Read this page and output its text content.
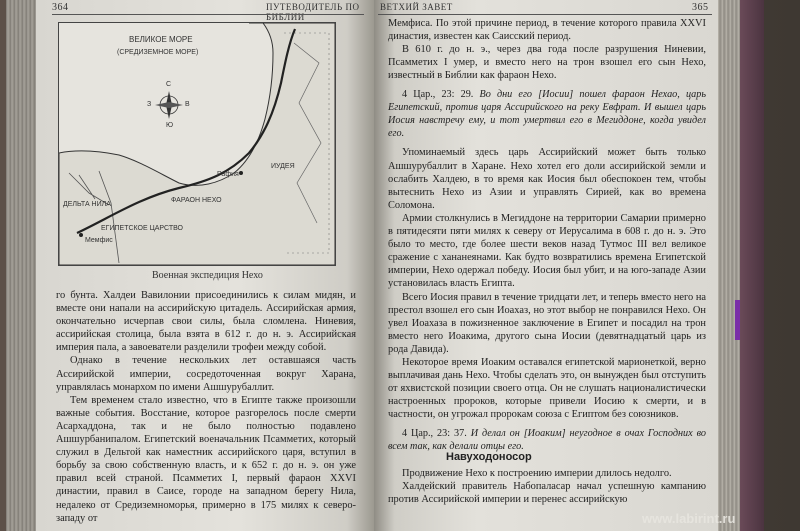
364	ПУТЕВОДИТЕЛЬ ПО БИБЛИИ
ВЕЛИКОЕ МОРЕ
(СРЕДИЗЕМНОЕ МОРЕ)
С
Ю
З	В
ДЕЛЬТА НИЛА
ЕГИПЕТСКОЕ ЦАРСТВО
ФАРАОН НЕХО
ИУДЕЯ
Рафия
Мемфис
Военная экспедиция Нехо

го бунта. Халдеи Вавилонии присоединились к силам мидян, и вместе они напали на ассирийскую цитадель. Ассирийская армия, окончательно исчерпав свои силы, была сломлена. Ниневия, ассирийская столица, была взята в 612 г. до н. э. Ассирийская империя пала, а завоеватели разделили трофеи между собой.

Однако в течение нескольких лет оставшаяся часть Ассирийской империи, сосредоточенная вокруг Харана, управлялась монархом по имени Ашшурубаллит.

Тем временем стало известно, что в Египте также произошли важные события. Восстание, которое разгорелось после смерти Асархаддона, так и не было полностью подавлено Ашшурбанипалом. Египетский военачальник Псамметих, который служил в Дельтой как наместник ассирийского царя, вступил в борьбу за свою собственную власть, и к 652 г. до н. э. он уже правил всей страной. Псамметих I, первый фараон XXVI династии, правил в Саисе, городе на западном берегу Нила, недалеко от Средиземноморья, примерно в 175 милях к северо-западу от

ВЕТХИЙ ЗАВЕТ	365

Мемфиса. По этой причине период, в течение которого правила XXVI династия, известен как Саисский период.

В 610 г. до н. э., через два года после разрушения Ниневии, Псамметих I умер, и вместо него на трон взошел его сын Нехо, известный в Библии как фараон Нехо.

4 Цар., 23: 29. Во дни его [Иосии] пошел фараон Нехао, царь Египетский, против царя Ассирийского на реку Евфрат. И вышел царь Иосия навстречу ему, и тот умертвил его в Мегиддоне, когда увидел его.

Упоминаемый здесь царь Ассирийский может быть только Ашшурубаллит в Харане. Нехо хотел его доли ассирийской земли и ослабить Халдею, в то время как Иосия был обеспокоен тем, чтобы вытеснить Нехо из Азии и управлять Сирией, как во времена Соломона.

Армии столкнулись в Мегиддоне на территории Самарии примерно в пятидесяти пяти милях к северу от Иерусалима в 608 г. до н. э. Это было то место, где более шести веков назад Тутмос III вел великое сражение с хананеянами. Как будто возвратились времена Египетской империи, Нехо одержал победу. Иосия был убит, и на юго-западе Азии установилась власть Египта.

Всего Иосия правил в течение тридцати лет, и теперь вместо него на престол взошел его сын Иоахаз, но этот выбор не понравился Нехо. Он увел Иоахаза в пожизненное заключение в Египет и посадил на трон вместо него Иоакима, другого сына Иосии (девятнадцатый царь из рода Давида).

Некоторое время Иоаким оставался египетской марионеткой, верно выплачивая дань Нехо. Чтобы сделать это, он вынужден был отступить от яхвистской позиции своего отца. Он не слушать националистически настроенных пророков, которые привели Иосию к смерти, и в частности, он угрожал пророкам союза с Египтом без союзников.

4 Цар., 23: 37. И делал он [Иоаким] неугодное в очах Господних во всем так, как делали отцы его.

Навуходоносор

Продвижение Нехо к построению империи длилось недолго.

Халдейский правитель Набопаласар начал успешную кампанию против Ассирийской империи и перенес ассирийскую

www.labirint.ru
